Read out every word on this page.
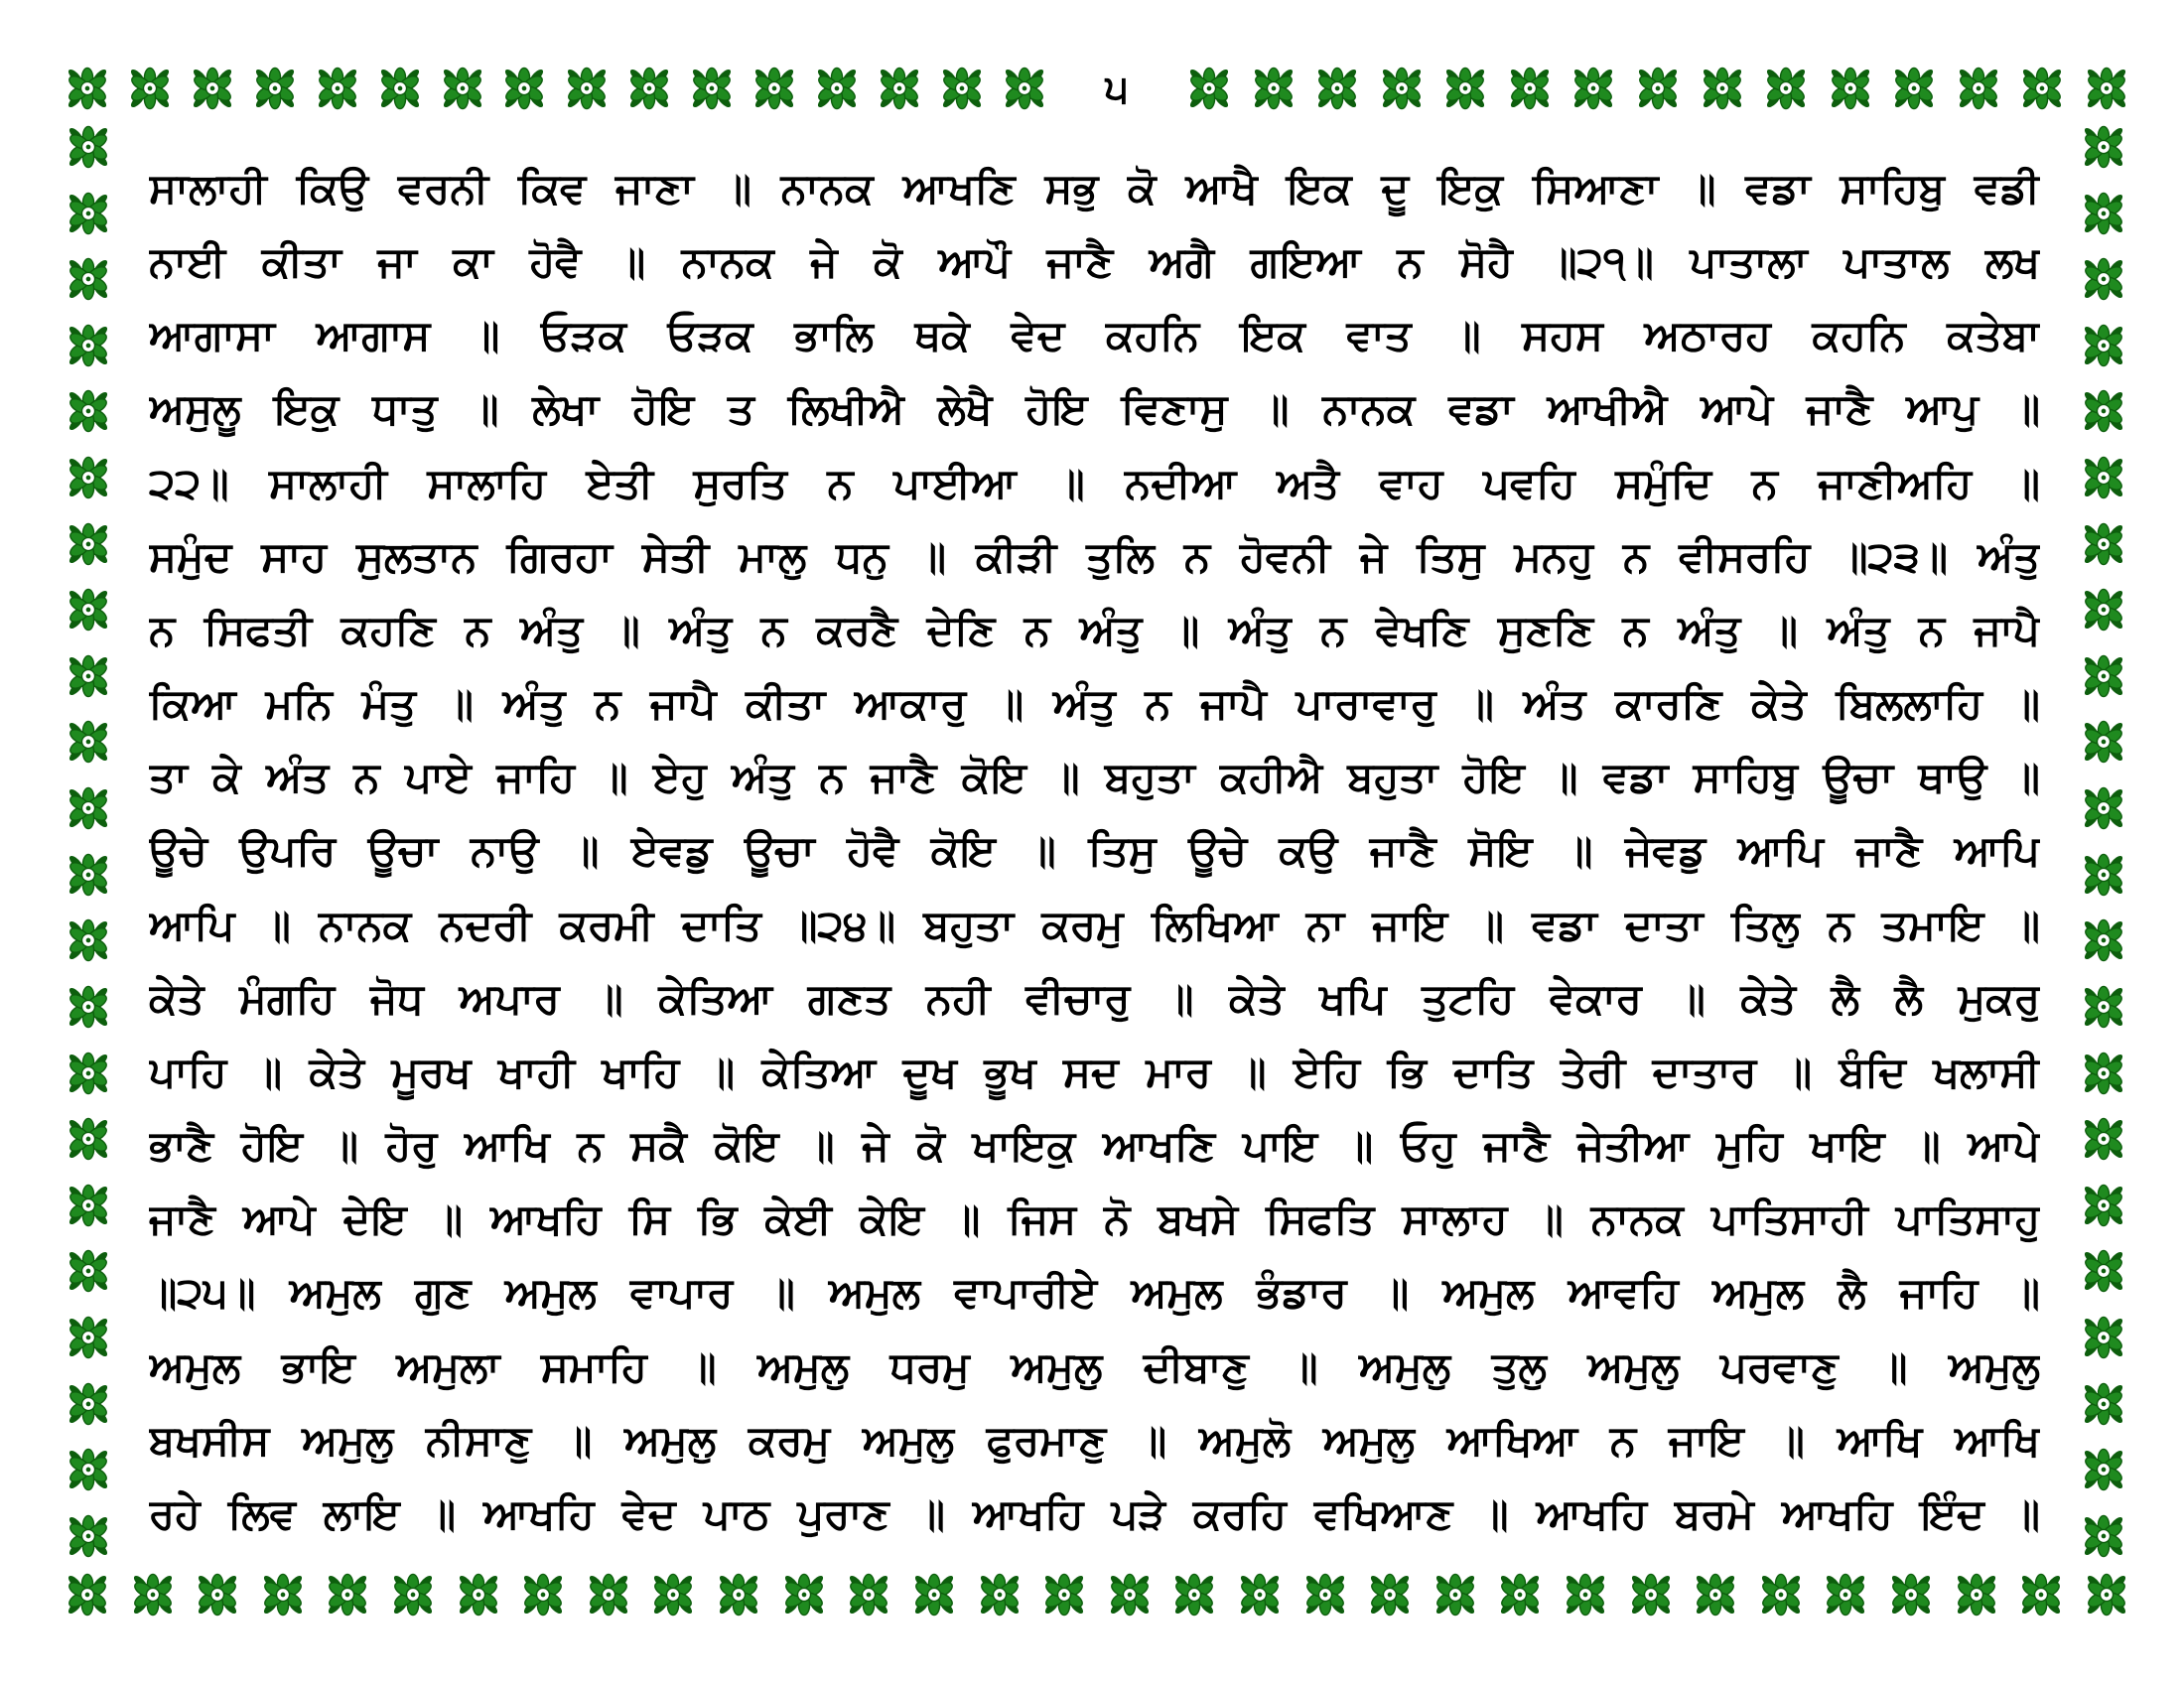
੫
ਸਾਲਾਹੀ ਕਿਉ ਵਰਨੀ ਕਿਵ ਜਾਣਾ ॥ ਨਾਨਕ ਆਖਣਿ ਸਭੁ ਕੋ ਆਖੈ ਇਕ ਦੂ ਇਕੁ ਸਿਆਣਾ ॥ ਵਡਾ ਸਾਹਿਬੁ ਵਡੀ
ਨਾਈ ਕੀਤਾ ਜਾ ਕਾ ਹੋਵੈ ॥ ਨਾਨਕ ਜੇ ਕੋ ਆਪੌ ਜਾਣੈ ਅਗੈ ਗਇਆ ਨ ਸੋਹੈ ॥੨੧॥ ਪਾਤਾਲਾ ਪਾਤਾਲ ਲਖ
ਆਗਾਸਾ ਆਗਾਸ ॥ ਓੜਕ ਓੜਕ ਭਾਲਿ ਥਕੇ ਵੇਦ ਕਹਨਿ ਇਕ ਵਾਤ ॥ ਸਹਸ ਅਠਾਰਹ ਕਹਨਿ ਕਤੇਬਾ
ਅਸੁਲੂ ਇਕੁ ਧਾਤੁ ॥ ਲੇਖਾ ਹੋਇ ਤ ਲਿਖੀਐ ਲੇਖੈ ਹੋਇ ਵਿਣਾਸੁ ॥ ਨਾਨਕ ਵਡਾ ਆਖੀਐ ਆਪੇ ਜਾਣੈ ਆਪੁ ॥
੨੨॥ ਸਾਲਾਹੀ ਸਾਲਾਹਿ ਏਤੀ ਸੁਰਤਿ ਨ ਪਾਈਆ ॥ ਨਦੀਆ ਅਤੈ ਵਾਹ ਪਵਹਿ ਸਮੁੰਦਿ ਨ ਜਾਣੀਅਹਿ ॥
ਸਮੁੰਦ ਸਾਹ ਸੁਲਤਾਨ ਗਿਰਹਾ ਸੇਤੀ ਮਾਲੁ ਧਨੁ ॥ ਕੀੜੀ ਤੁਲਿ ਨ ਹੋਵਨੀ ਜੇ ਤਿਸੁ ਮਨਹੁ ਨ ਵੀਸਰਹਿ ॥੨੩॥ ਅੰਤੁ
ਨ ਸਿਫਤੀ ਕਹਣਿ ਨ ਅੰਤੁ ॥ ਅੰਤੁ ਨ ਕਰਣੈ ਦੇਣਿ ਨ ਅੰਤੁ ॥ ਅੰਤੁ ਨ ਵੇਖਣਿ ਸੁਣਣਿ ਨ ਅੰਤੁ ॥ ਅੰਤੁ ਨ ਜਾਪੈ
ਕਿਆ ਮਨਿ ਮੰਤੁ ॥ ਅੰਤੁ ਨ ਜਾਪੈ ਕੀਤਾ ਆਕਾਰੁ ॥ ਅੰਤੁ ਨ ਜਾਪੈ ਪਾਰਾਵਾਰੁ ॥ ਅੰਤ ਕਾਰਣਿ ਕੇਤੇ ਬਿਲਲਾਹਿ ॥
ਤਾ ਕੇ ਅੰਤ ਨ ਪਾਏ ਜਾਹਿ ॥ ਏਹੁ ਅੰਤੁ ਨ ਜਾਣੈ ਕੋਇ ॥ ਬਹੁਤਾ ਕਹੀਐ ਬਹੁਤਾ ਹੋਇ ॥ ਵਡਾ ਸਾਹਿਬੁ ਊਚਾ ਥਾਉ ॥
ਊਚੇ ਉਪਰਿ ਊਚਾ ਨਾਉ ॥ ਏਵਡੁ ਊਚਾ ਹੋਵੈ ਕੋਇ ॥ ਤਿਸੁ ਊਚੇ ਕਉ ਜਾਣੈ ਸੋਇ ॥ ਜੇਵਡੁ ਆਪਿ ਜਾਣੈ ਆਪਿ
ਆਪਿ ॥ ਨਾਨਕ ਨਦਰੀ ਕਰਮੀ ਦਾਤਿ ॥੨੪॥ ਬਹੁਤਾ ਕਰਮੁ ਲਿਖਿਆ ਨਾ ਜਾਇ ॥ ਵਡਾ ਦਾਤਾ ਤਿਲੁ ਨ ਤਮਾਇ ॥
ਕੇਤੇ ਮੰਗਹਿ ਜੋਧ ਅਪਾਰ ॥ ਕੇਤਿਆ ਗਣਤ ਨਹੀ ਵੀਚਾਰੁ ॥ ਕੇਤੇ ਖਪਿ ਤੁਟਹਿ ਵੇਕਾਰ ॥ ਕੇਤੇ ਲੈ ਲੈ ਮੁਕਰੁ
ਪਾਹਿ ॥ ਕੇਤੇ ਮੂਰਖ ਖਾਹੀ ਖਾਹਿ ॥ ਕੇਤਿਆ ਦੂਖ ਭੂਖ ਸਦ ਮਾਰ ॥ ਏਹਿ ਭਿ ਦਾਤਿ ਤੇਰੀ ਦਾਤਾਰ ॥ ਬੰਦਿ ਖਲਾਸੀ
ਭਾਣੈ ਹੋਇ ॥ ਹੋਰੁ ਆਖਿ ਨ ਸਕੈ ਕੋਇ ॥ ਜੇ ਕੋ ਖਾਇਕੁ ਆਖਣਿ ਪਾਇ ॥ ਓਹੁ ਜਾਣੈ ਜੇਤੀਆ ਮੁਹਿ ਖਾਇ ॥ ਆਪੇ
ਜਾਣੈ ਆਪੇ ਦੇਇ ॥ ਆਖਹਿ ਸਿ ਭਿ ਕੇਈ ਕੇਇ ॥ ਜਿਸ ਨੋ ਬਖਸੇ ਸਿਫਤਿ ਸਾਲਾਹ ॥ ਨਾਨਕ ਪਾਤਿਸਾਹੀ ਪਾਤਿਸਾਹੁ
॥੨੫॥ ਅਮੁਲ ਗੁਣ ਅਮੁਲ ਵਾਪਾਰ ॥ ਅਮੁਲ ਵਾਪਾਰੀਏ ਅਮੁਲ ਭੰਡਾਰ ॥ ਅਮੁਲ ਆਵਹਿ ਅਮੁਲ ਲੈ ਜਾਹਿ ॥
ਅਮੁਲ ਭਾਇ ਅਮੁਲਾ ਸਮਾਹਿ ॥ ਅਮੁਲੁ ਧਰਮੁ ਅਮੁਲੁ ਦੀਬਾਣੁ ॥ ਅਮੁਲੁ ਤੁਲੁ ਅਮੁਲੁ ਪਰਵਾਣੁ ॥ ਅਮੁਲੁ
ਬਖਸੀਸ ਅਮੁਲੁ ਨੀਸਾਣੁ ॥ ਅਮੁਲੁ ਕਰਮੁ ਅਮੁਲੁ ਫੁਰਮਾਣੁ ॥ ਅਮੁਲੋ ਅਮੁਲੁ ਆਖਿਆ ਨ ਜਾਇ ॥ ਆਖਿ ਆਖਿ
ਰਹੇ ਲਿਵ ਲਾਇ ॥ ਆਖਹਿ ਵੇਦ ਪਾਠ ਪੁਰਾਣ ॥ ਆਖਹਿ ਪੜੇ ਕਰਹਿ ਵਖਿਆਣ ॥ ਆਖਹਿ ਬਰਮੇ ਆਖਹਿ ਇੰਦ ॥
